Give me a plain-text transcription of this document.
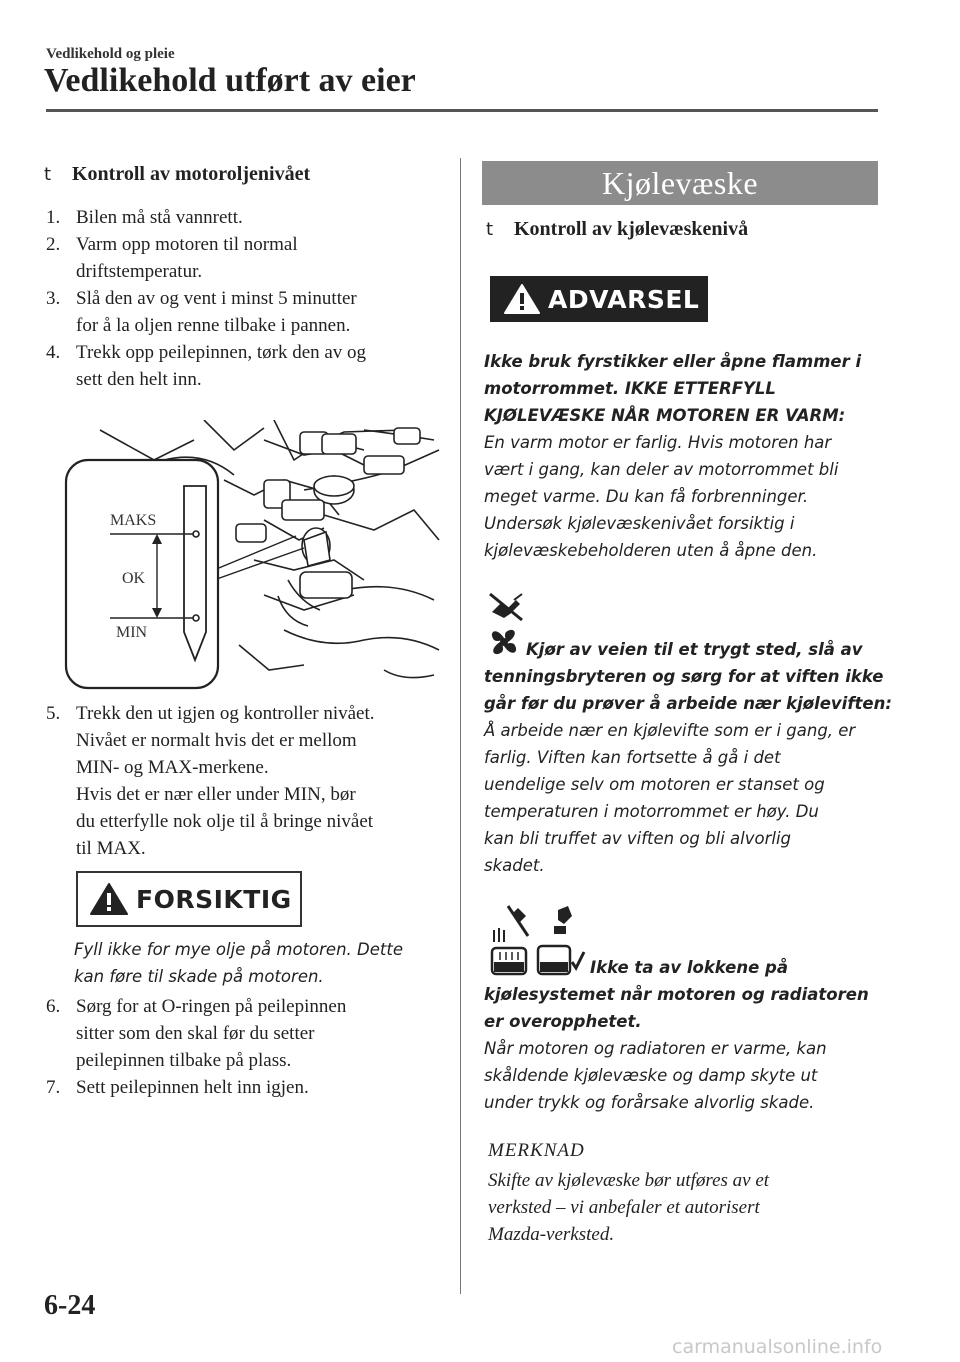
Vedlikehold og pleie
Vedlikehold utført av eier
t Kontroll av motoroljenivået
1. Bilen må stå vannrett.
2. Varm opp motoren til normal
driftstemperatur.
3. Slå den av og vent i minst 5 minutter
for å la oljen renne tilbake i pannen.
4. Trekk opp peilepinnen, tørk den av og
sett den helt inn.
MAKS
OK
MIN
5. Trekk den ut igjen og kontroller nivået.
Nivået er normalt hvis det er mellom
MIN- og MAX-merkene.
Hvis det er nær eller under MIN, bør
du etterfylle nok olje til å bringe nivået
til MAX.
FORSIKTIG
Fyll ikke for mye olje på motoren. Dette
kan føre til skade på motoren.
6. Sørg for at O-ringen på peilepinnen
sitter som den skal før du setter
peilepinnen tilbake på plass.
7. Sett peilepinnen helt inn igjen.
Kjølevæske
t Kontroll av kjølevæskenivå
ADVARSEL
Ikke bruk fyrstikker eller åpne flammer i
motorrommet. IKKE ETTERFYLL
KJØLEVÆSKE NÅR MOTOREN ER VARM:
En varm motor er farlig. Hvis motoren har
vært i gang, kan deler av motorrommet bli
meget varme. Du kan få forbrenninger.
Undersøk kjølevæskenivået forsiktig i
kjølevæskebeholderen uten å åpne den.
Kjør av veien til et trygt sted, slå av
tenningsbryteren og sørg for at viften ikke
går før du prøver å arbeide nær kjøleviften:
Å arbeide nær en kjølevifte som er i gang, er
farlig. Viften kan fortsette å gå i det
uendelige selv om motoren er stanset og
temperaturen i motorrommet er høy. Du
kan bli truffet av viften og bli alvorlig
skadet.
Ikke ta av lokkene på
kjølesystemet når motoren og radiatoren
er overopphetet.
Når motoren og radiatoren er varme, kan
skåldende kjølevæske og damp skyte ut
under trykk og forårsake alvorlig skade.
MERKNAD
Skifte av kjølevæske bør utføres av et
verksted – vi anbefaler et autorisert
Mazda-verksted.
6-24
carmanualsonline.info
